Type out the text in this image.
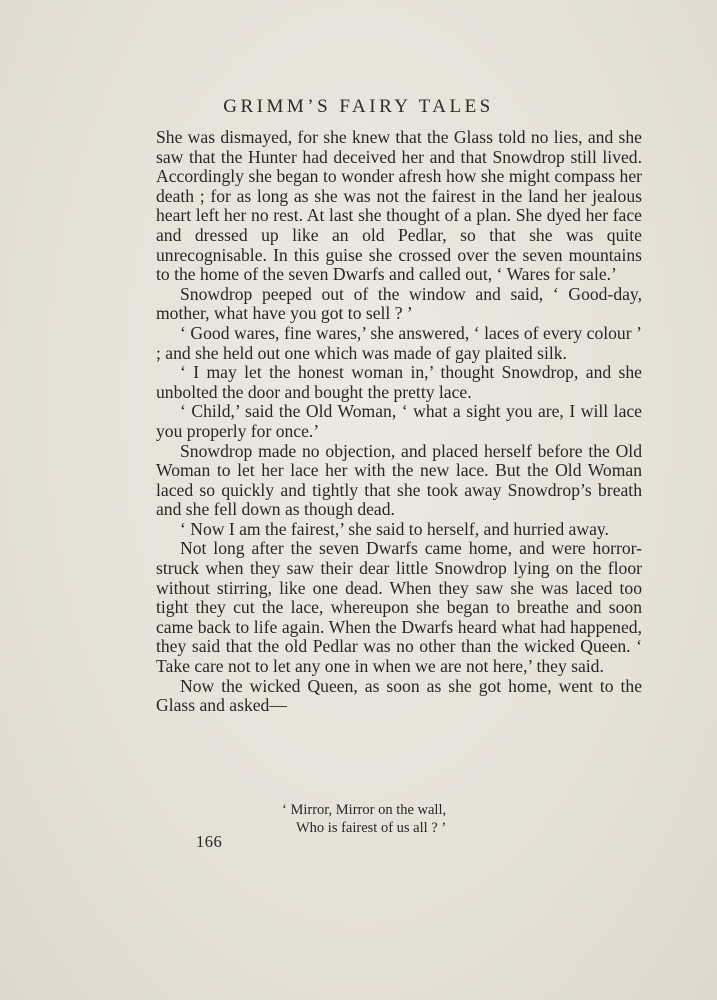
GRIMM’S FAIRY TALES

She was dismayed, for she knew that the Glass told no lies, and she saw that the Hunter had deceived her and that Snowdrop still lived. Accordingly she began to wonder afresh how she might compass her death ; for as long as she was not the fairest in the land her jealous heart left her no rest. At last she thought of a plan. She dyed her face and dressed up like an old Pedlar, so that she was quite unrecognisable. In this guise she crossed over the seven mountains to the home of the seven Dwarfs and called out, ‘ Wares for sale.’

Snowdrop peeped out of the window and said, ‘ Good-day, mother, what have you got to sell ? ’

‘ Good wares, fine wares,’ she answered, ‘ laces of every colour ’ ; and she held out one which was made of gay plaited silk.

‘ I may let the honest woman in,’ thought Snowdrop, and she unbolted the door and bought the pretty lace.

‘ Child,’ said the Old Woman, ‘ what a sight you are, I will lace you properly for once.’

Snowdrop made no objection, and placed herself before the Old Woman to let her lace her with the new lace. But the Old Woman laced so quickly and tightly that she took away Snowdrop’s breath and she fell down as though dead.

‘ Now I am the fairest,’ she said to herself, and hurried away.

Not long after the seven Dwarfs came home, and were horror-struck when they saw their dear little Snowdrop lying on the floor without stirring, like one dead. When they saw she was laced too tight they cut the lace, whereupon she began to breathe and soon came back to life again. When the Dwarfs heard what had happened, they said that the old Pedlar was no other than the wicked Queen. ‘ Take care not to let any one in when we are not here,’ they said.

Now the wicked Queen, as soon as she got home, went to the Glass and asked—

‘ Mirror, Mirror on the wall,
Who is fairest of us all ? ’
166
